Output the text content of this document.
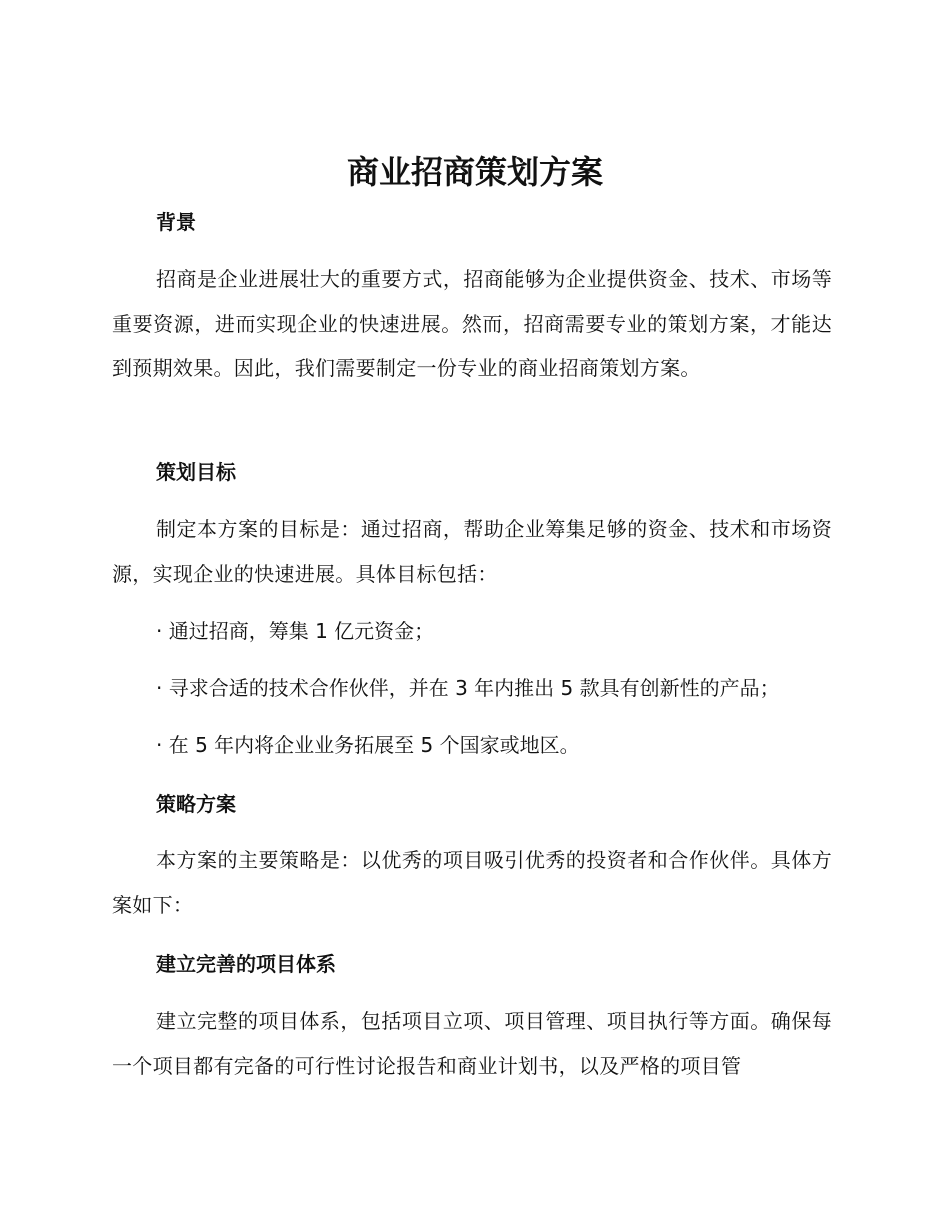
商业招商策划方案
背景
招商是企业进展壮大的重要方式，招商能够为企业提供资金、技术、市场等重要资源，进而实现企业的快速进展。然而，招商需要专业的策划方案，才能达到预期效果。因此，我们需要制定一份专业的商业招商策划方案。
策划目标
制定本方案的目标是：通过招商，帮助企业筹集足够的资金、技术和市场资源，实现企业的快速进展。具体目标包括：
· 通过招商，筹集 1 亿元资金；
· 寻求合适的技术合作伙伴，并在 3 年内推出 5 款具有创新性的产品；
· 在 5 年内将企业业务拓展至 5 个国家或地区。
策略方案
本方案的主要策略是：以优秀的项目吸引优秀的投资者和合作伙伴。具体方案如下：
建立完善的项目体系
建立完整的项目体系，包括项目立项、项目管理、项目执行等方面。确保每一个项目都有完备的可行性讨论报告和商业计划书，以及严格的项目管
